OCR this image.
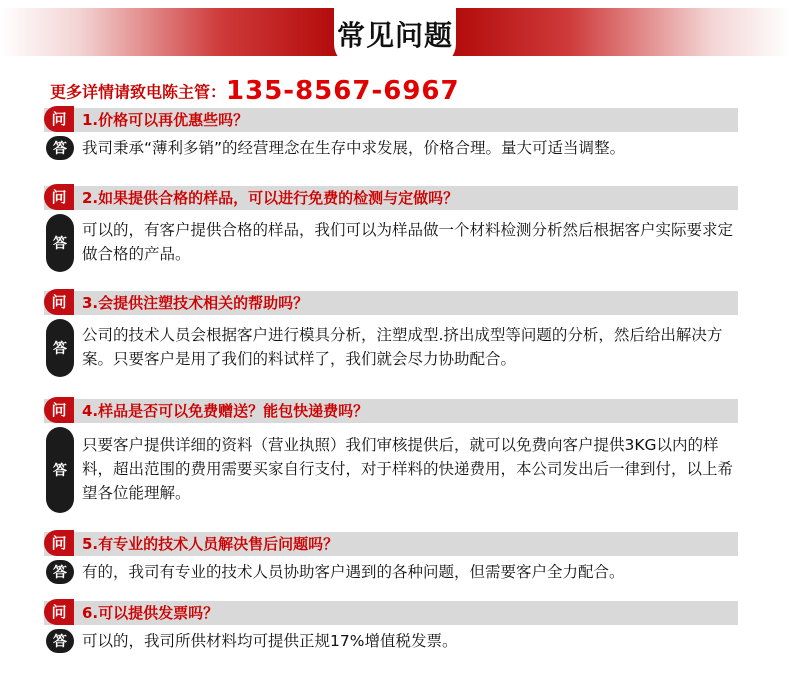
常见问题
更多详情请致电陈主管：135-8567-6967
问	1.价格可以再优惠些吗？
答 我司秉承“薄利多销”的经营理念在生存中求发展，价格合理。量大可适当调整。
问	2.如果提供合格的样品，可以进行免费的检测与定做吗？
答
可以的，有客户提供合格的样品，我们可以为样品做一个材料检测分析然后根据客户实际要求定做合格的产品。
问	3.会提供注塑技术相关的帮助吗？
答
公司的技术人员会根据客户进行模具分析，注塑成型.挤出成型等问题的分析，然后给出解决方案。只要客户是用了我们的料试样了，我们就会尽力协助配合。
问	4.样品是否可以免费赠送？能包快递费吗？
答
只要客户提供详细的资料（营业执照）我们审核提供后，就可以免费向客户提供3KG以内的样料，超出范围的费用需要买家自行支付，对于样料的快递费用，本公司发出后一律到付，以上希望各位能理解。
问	5.有专业的技术人员解决售后问题吗？
答 有的，我司有专业的技术人员协助客户遇到的各种问题，但需要客户全力配合。
问	6.可以提供发票吗？
答 可以的，我司所供材料均可提供正规17%增值税发票。
